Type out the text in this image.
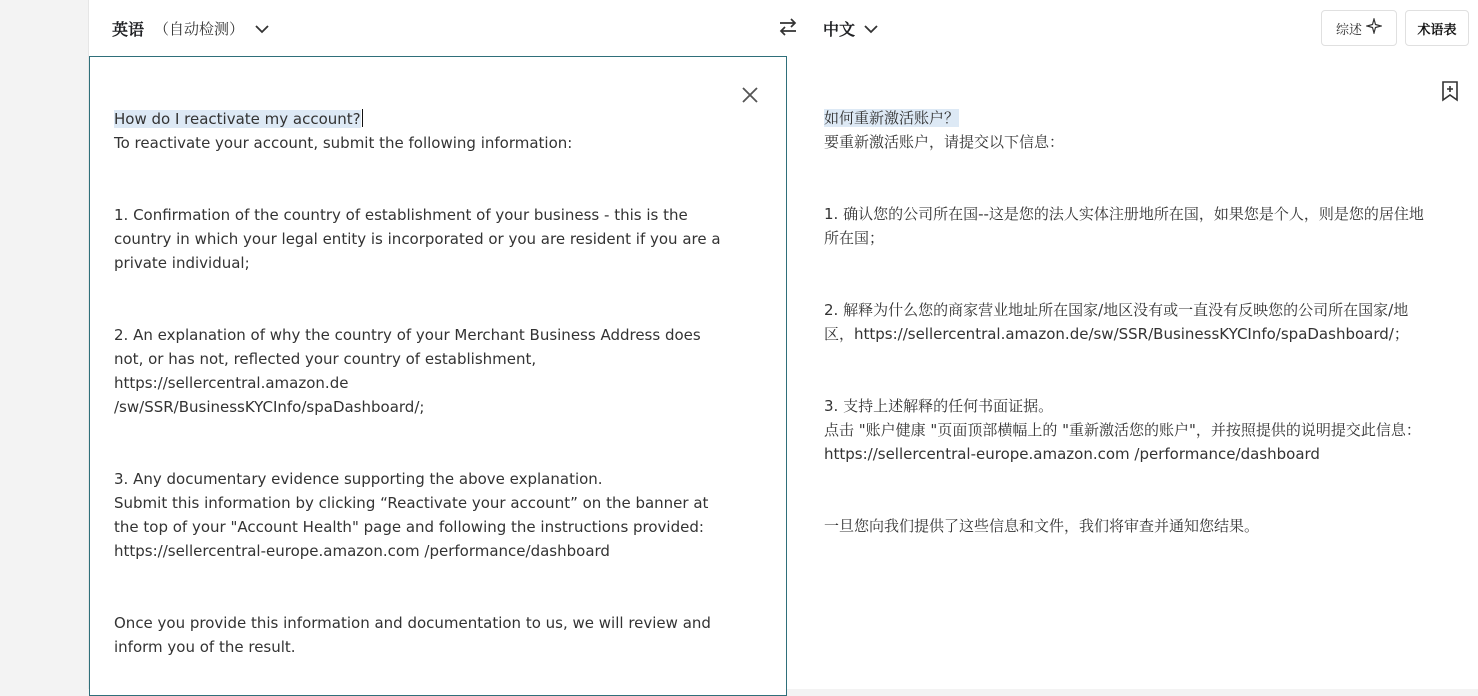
英语 （自动检测）	中文	综述	术语表

How do I reactivate my account?

To reactivate your account, submit the following information:

1. Confirmation of the country of establishment of your business - this is the country in which your legal entity is incorporated or you are resident if you are a private individual;

2. An explanation of why the country of your Merchant Business Address does not, or has not, reflected your country of establishment, https://sellercentral.amazon.de

/sw/SSR/BusinessKYCInfo/spaDashboard/;

3. Any documentary evidence supporting the above explanation.

Submit this information by clicking “Reactivate your account” on the banner at the top of your "Account Health" page and following the instructions provided:

https://sellercentral-europe.amazon.com /performance/dashboard

Once you provide this information and documentation to us, we will review and inform you of the result.

如何重新激活账户？

要重新激活账户，请提交以下信息：

1. 确认您的公司所在国--这是您的法人实体注册地所在国，如果您是个人，则是您的居住地所在国；

2. 解释为什么您的商家营业地址所在国家/地区没有或一直没有反映您的公司所在国家/地区，https://sellercentral.amazon.de/sw/SSR/BusinessKYCInfo/spaDashboard/；

3. 支持上述解释的任何书面证据。

点击 "账户健康 "页面顶部横幅上的 "重新激活您的账户"，并按照提供的说明提交此信息： https://sellercentral-europe.amazon.com /performance/dashboard

一旦您向我们提供了这些信息和文件，我们将审查并通知您结果。
